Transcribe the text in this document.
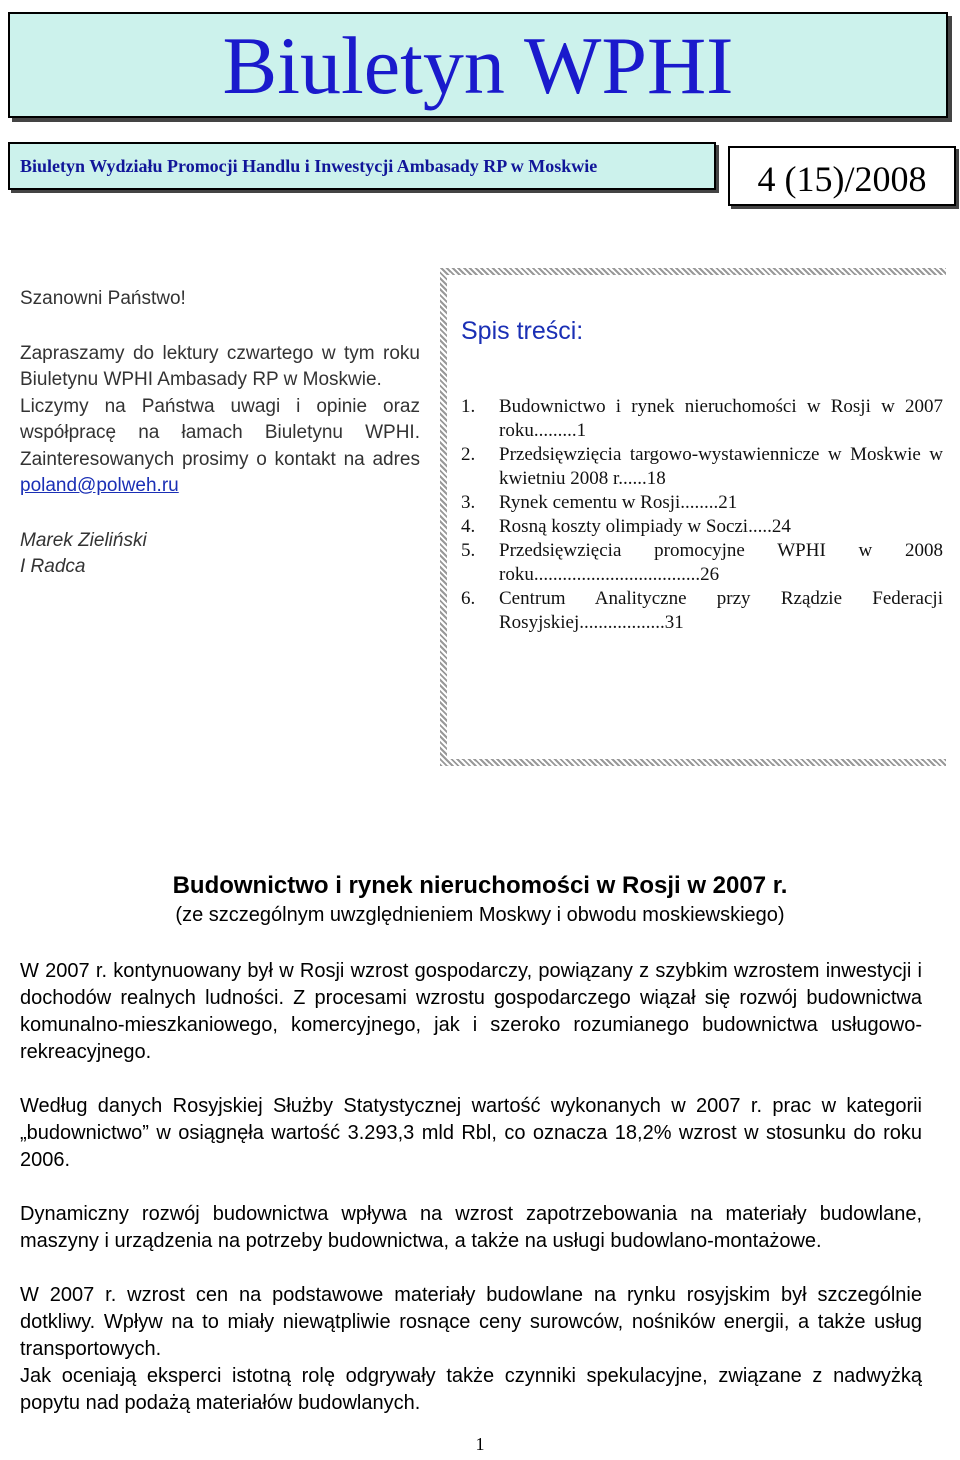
Biuletyn WPHI
Biuletyn Wydziału Promocji Handlu i Inwestycji Ambasady RP w Moskwie	4 (15)/2008

Szanowni Państwo!

Zapraszamy do lektury czwartego w tym roku Biuletynu WPHI Ambasady RP w Moskwie.

Liczymy na Państwa uwagi i opinie oraz współpracę na łamach Biuletynu WPHI. Zainteresowanych prosimy o kontakt na adres poland@polweh.ru

Marek Zieliński

I Radca

Spis treści:
1. Budownictwo i rynek nieruchomości w Rosji w 2007 roku.........1
2. Przedsięwzięcia targowo-wystawiennicze w Moskwie w kwietniu 2008 r......18
3. Rynek cementu w Rosji........21
4. Rosną koszty olimpiady w Soczi.....24
5. Przedsięwzięcia promocyjne WPHI w 2008 roku...................................26
6. Centrum Analityczne przy Rządzie Federacji Rosyjskiej..................31
Budownictwo i rynek nieruchomości w Rosji w 2007 r.
(ze szczególnym uwzględnieniem Moskwy i obwodu moskiewskiego)

W 2007 r. kontynuowany był w Rosji wzrost gospodarczy, powiązany z szybkim wzrostem inwestycji i dochodów realnych ludności. Z procesami wzrostu gospodarczego wiązał się rozwój budownictwa komunalno-mieszkaniowego, komercyjnego, jak i szeroko rozumianego budownictwa usługowo-rekreacyjnego.

Według danych Rosyjskiej Służby Statystycznej wartość wykonanych w 2007 r. prac w kategorii „budownictwo” w osiągnęła wartość 3.293,3 mld Rbl, co oznacza 18,2% wzrost w stosunku do roku 2006.

Dynamiczny rozwój budownictwa wpływa na wzrost zapotrzebowania na materiały budowlane, maszyny i urządzenia na potrzeby budownictwa, a także na usługi budowlano-montażowe.

W 2007 r. wzrost cen na podstawowe materiały budowlane na rynku rosyjskim był szczególnie dotkliwy. Wpływ na to miały niewątpliwie rosnące ceny surowców, nośników energii, a także usług transportowych.

Jak oceniają eksperci istotną rolę odgrywały także czynniki spekulacyjne, związane z nadwyżką popytu nad podażą materiałów budowlanych.

1
